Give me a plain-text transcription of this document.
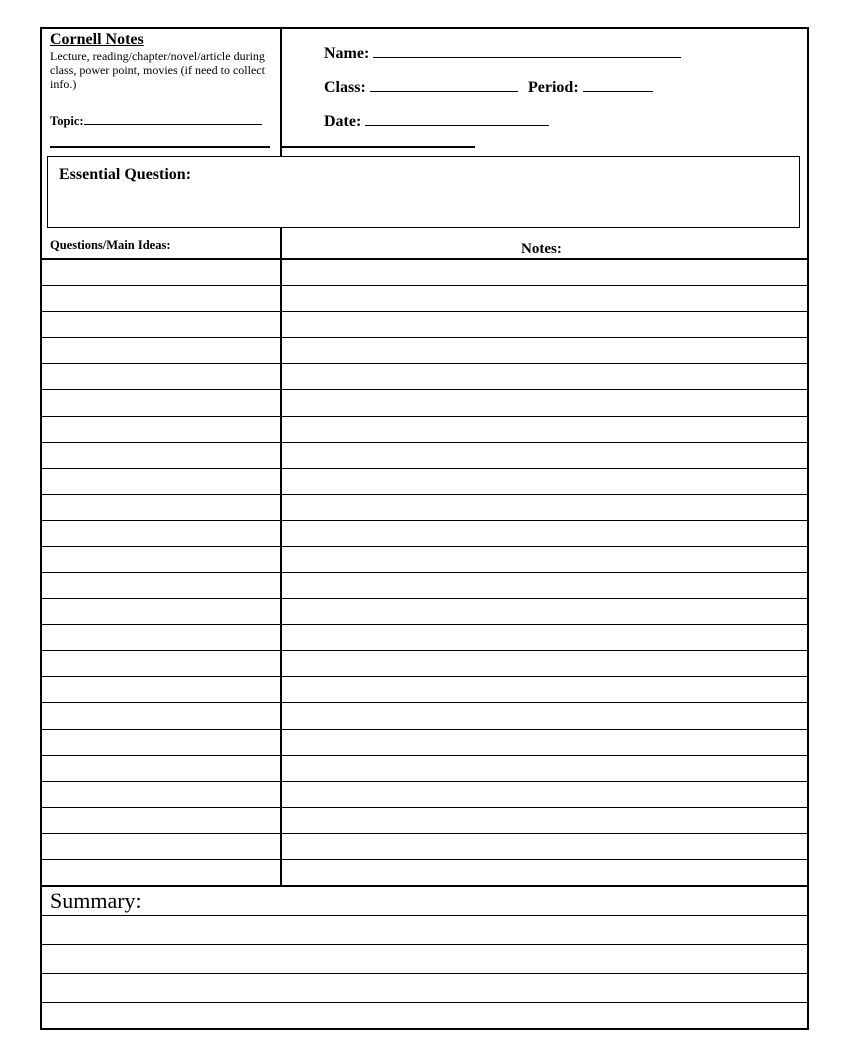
Cornell Notes
Lecture, reading/chapter/novel/article during class, power point, movies (if need to collect info.)
Topic:
Name:
Class:	Period:
Date:
Essential Question:
Questions/Main Ideas:	Notes:
Summary:
